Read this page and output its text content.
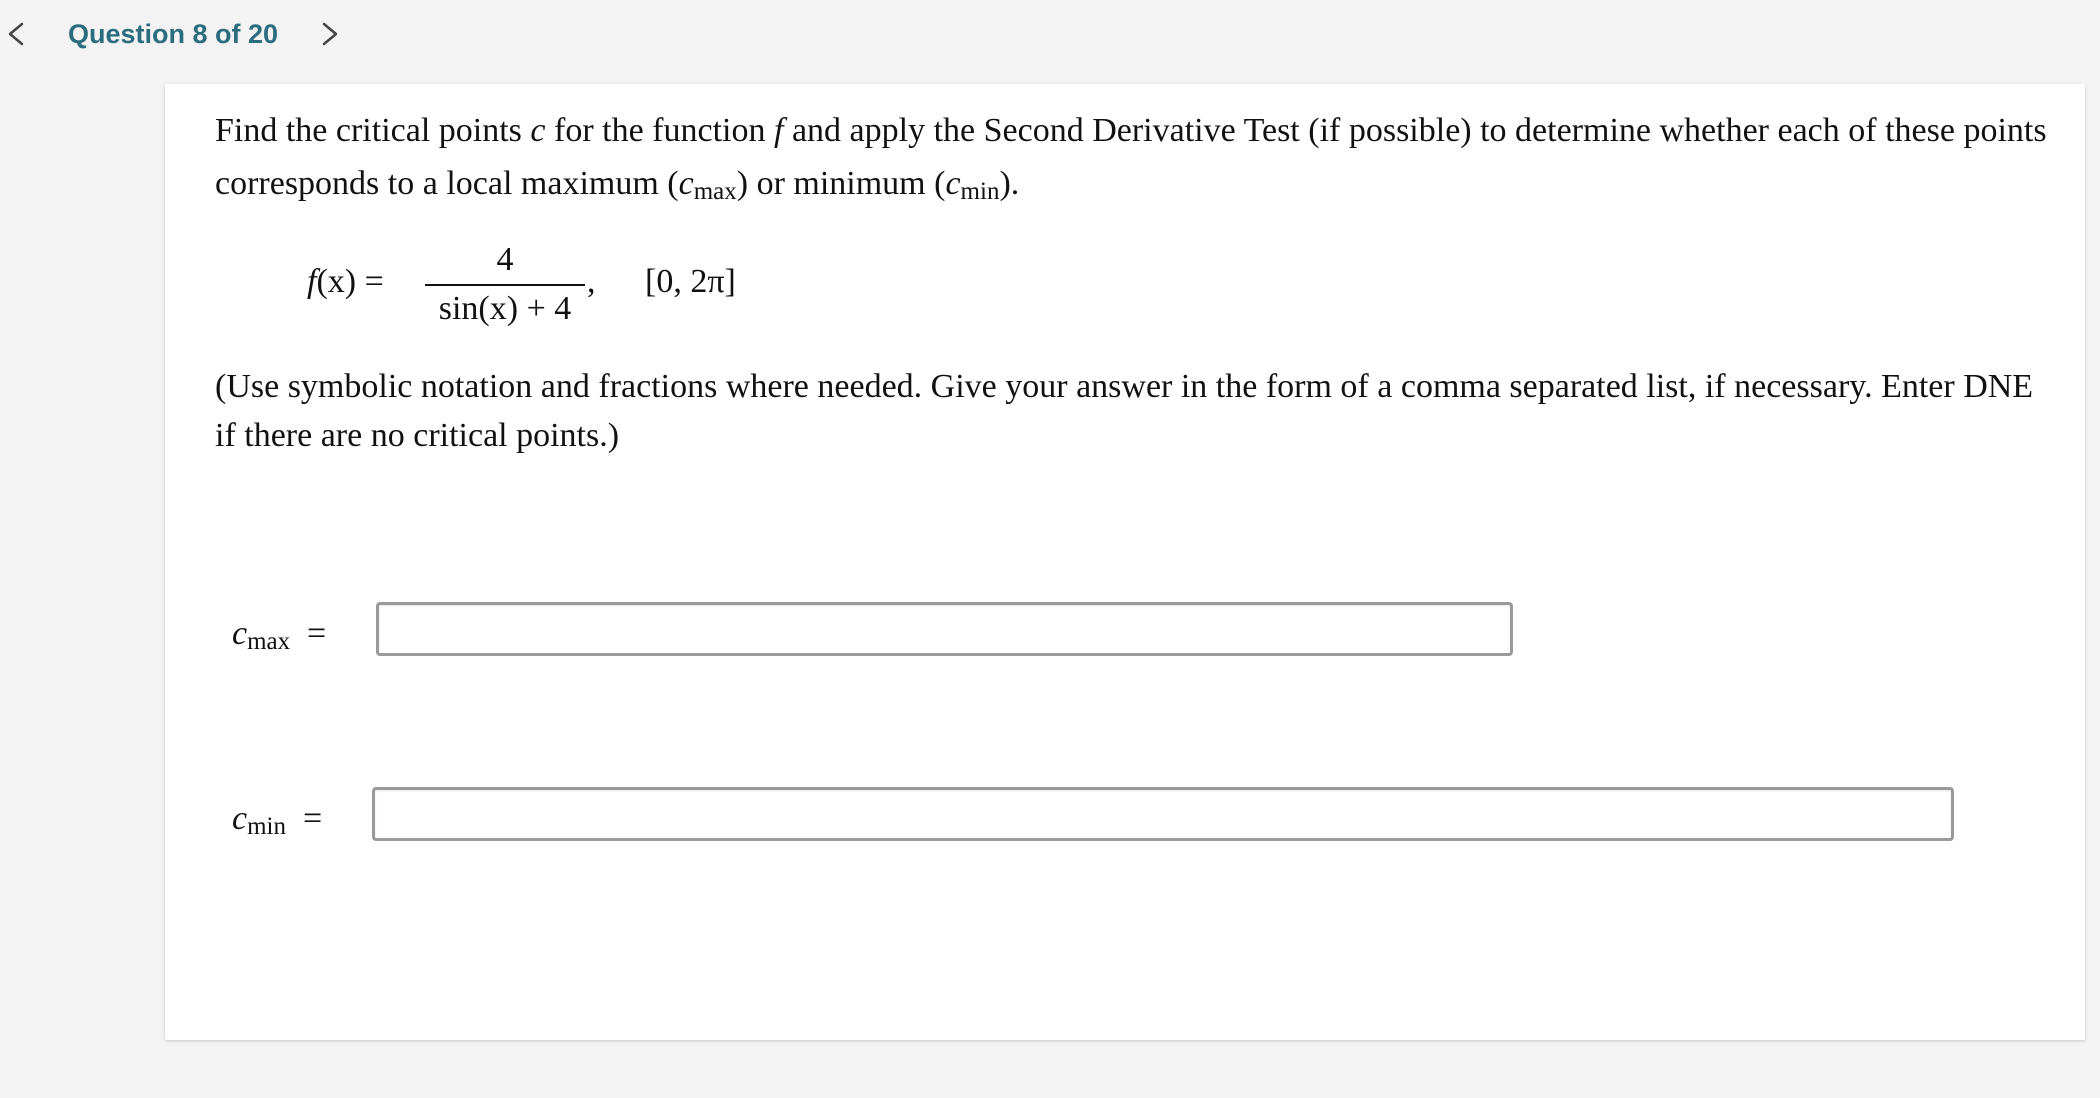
Question 8 of 20

Find the critical points c for the function f and apply the Second Derivative Test (if possible) to determine whether each of these points corresponds to a local maximum $(c_{max})$ or minimum $(c_{min})$.

f(x) =
4
sin(x) + 4
, [0, 2π]

(Use symbolic notation and fractions where needed. Give your answer in the form of a comma separated list, if necessary. Enter DNE if there are no critical points.)

$c_{max}$ =
$c_{min}$ =
